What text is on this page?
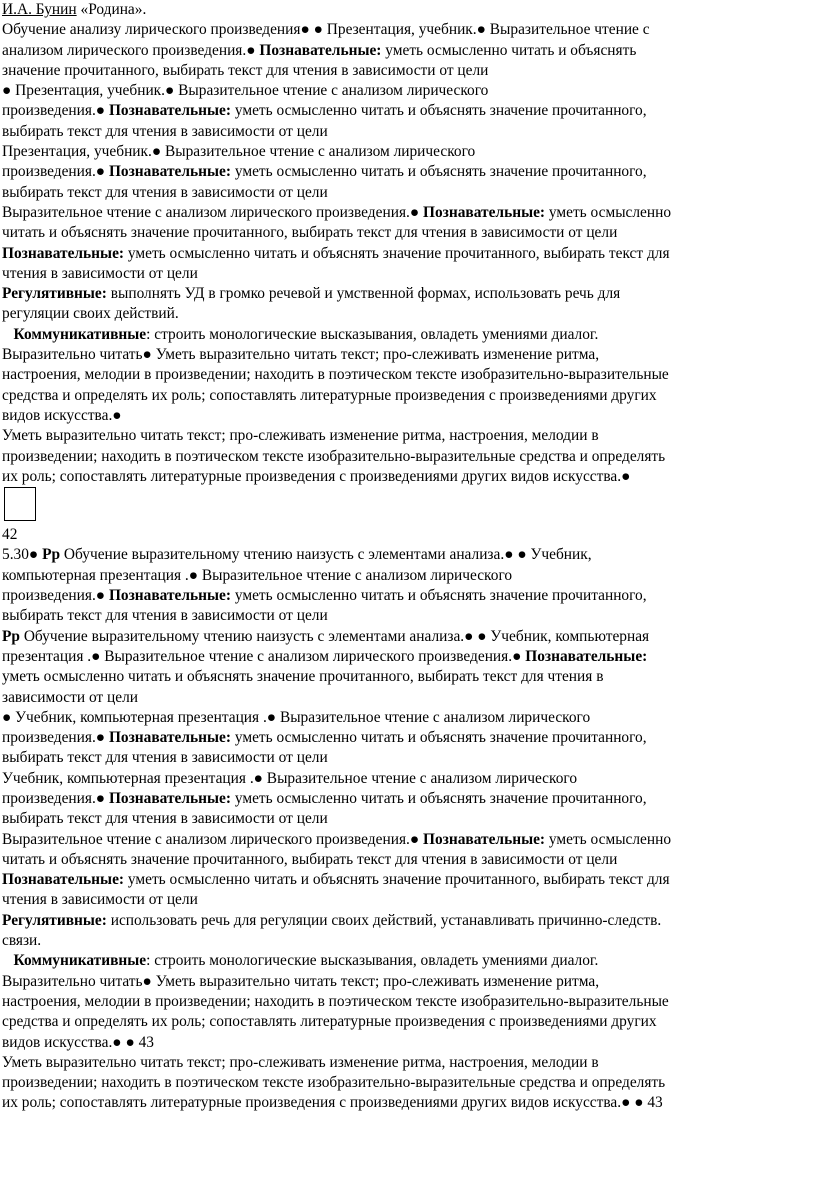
И.А. Бунин «Родина».
Обучение анализу лирического произведения● ● Презентация, учебник.● Выразительное чтение с
анализом лирического произведения.● Познавательные: уметь осмысленно читать и объяснять
значение прочитанного, выбирать текст для чтения в зависимости от цели
● Презентация, учебник.● Выразительное чтение с анализом лирического
произведения.● Познавательные: уметь осмысленно читать и объяснять значение прочитанного,
выбирать текст для чтения в зависимости от цели
Презентация, учебник.● Выразительное чтение с анализом лирического
произведения.● Познавательные: уметь осмысленно читать и объяснять значение прочитанного,
выбирать текст для чтения в зависимости от цели
Выразительное чтение с анализом лирического произведения.● Познавательные: уметь осмысленно
читать и объяснять значение прочитанного, выбирать текст для чтения в зависимости от цели
Познавательные: уметь осмысленно читать и объяснять значение прочитанного, выбирать текст для
чтения в зависимости от цели
Регулятивные: выполнять УД в громко речевой и умственной формах, использовать речь для
регуляции своих действий.
Коммуникативные: строить монологические высказывания, овладеть умениями диалог.
Выразительно читать● Уметь выразительно читать текст; про-слеживать изменение ритма,
настроения, мелодии в произведении; находить в поэтическом тексте изобразительно-выразительные
средства и определять их роль; сопоставлять литературные произведения с произведениями других
видов искусства.●
Уметь выразительно читать текст; про-слеживать изменение ритма, настроения, мелодии в
произведении; находить в поэтическом тексте изобразительно-выразительные средства и определять
их роль; сопоставлять литературные произведения с произведениями других видов искусства.●
42
5.30● Рр Обучение выразительному чтению наизусть с элементами анализа.● ● Учебник,
компьютерная презентация .● Выразительное чтение с анализом лирического
произведения.● Познавательные: уметь осмысленно читать и объяснять значение прочитанного,
выбирать текст для чтения в зависимости от цели
Рр Обучение выразительному чтению наизусть с элементами анализа.● ● Учебник, компьютерная
презентация .● Выразительное чтение с анализом лирического произведения.● Познавательные:
уметь осмысленно читать и объяснять значение прочитанного, выбирать текст для чтения в
зависимости от цели
● Учебник, компьютерная презентация .● Выразительное чтение с анализом лирического
произведения.● Познавательные: уметь осмысленно читать и объяснять значение прочитанного,
выбирать текст для чтения в зависимости от цели
Учебник, компьютерная презентация .● Выразительное чтение с анализом лирического
произведения.● Познавательные: уметь осмысленно читать и объяснять значение прочитанного,
выбирать текст для чтения в зависимости от цели
Выразительное чтение с анализом лирического произведения.● Познавательные: уметь осмысленно
читать и объяснять значение прочитанного, выбирать текст для чтения в зависимости от цели
Познавательные: уметь осмысленно читать и объяснять значение прочитанного, выбирать текст для
чтения в зависимости от цели
Регулятивные: использовать речь для регуляции своих действий, устанавливать причинно-следств.
связи.
Коммуникативные: строить монологические высказывания, овладеть умениями диалог.
Выразительно читать● Уметь выразительно читать текст; про-слеживать изменение ритма,
настроения, мелодии в произведении; находить в поэтическом тексте изобразительно-выразительные
средства и определять их роль; сопоставлять литературные произведения с произведениями других
видов искусства.● ● 43
Уметь выразительно читать текст; про-слеживать изменение ритма, настроения, мелодии в
произведении; находить в поэтическом тексте изобразительно-выразительные средства и определять
их роль; сопоставлять литературные произведения с произведениями других видов искусства.● ● 43
